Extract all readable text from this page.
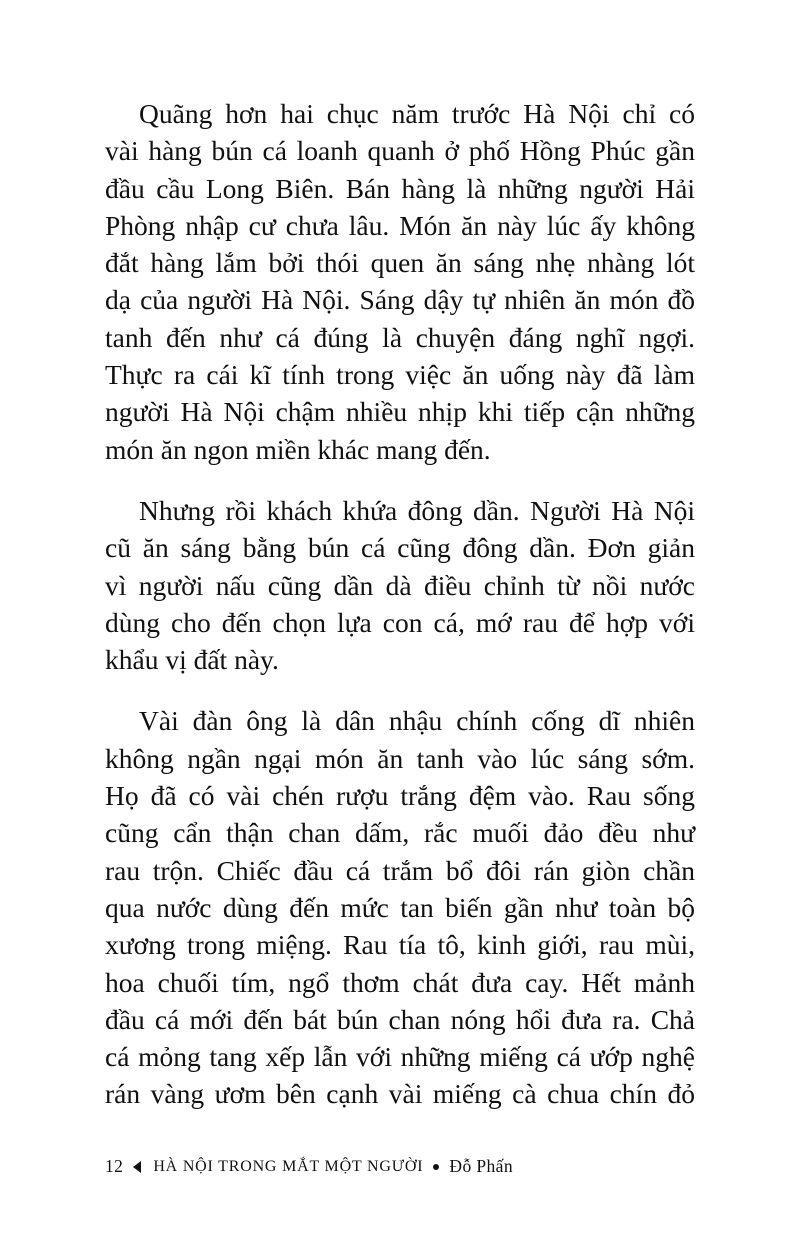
Quãng hơn hai chục năm trước Hà Nội chỉ có
vài hàng bún cá loanh quanh ở phố Hồng Phúc gần
đầu cầu Long Biên. Bán hàng là những người Hải
Phòng nhập cư chưa lâu. Món ăn này lúc ấy không
đắt hàng lắm bởi thói quen ăn sáng nhẹ nhàng lót
dạ của người Hà Nội. Sáng dậy tự nhiên ăn món đồ
tanh đến như cá đúng là chuyện đáng nghĩ ngợi.
Thực ra cái kĩ tính trong việc ăn uống này đã làm
người Hà Nội chậm nhiều nhịp khi tiếp cận những
món ăn ngon miền khác mang đến.

Nhưng rồi khách khứa đông dần. Người Hà Nội
cũ ăn sáng bằng bún cá cũng đông dần. Đơn giản
vì người nấu cũng dần dà điều chỉnh từ nồi nước
dùng cho đến chọn lựa con cá, mớ rau để hợp với
khẩu vị đất này.

Vài đàn ông là dân nhậu chính cống dĩ nhiên
không ngần ngại món ăn tanh vào lúc sáng sớm.
Họ đã có vài chén rượu trắng đệm vào. Rau sống
cũng cẩn thận chan dấm, rắc muối đảo đều như
rau trộn. Chiếc đầu cá trắm bổ đôi rán giòn chần
qua nước dùng đến mức tan biến gần như toàn bộ
xương trong miệng. Rau tía tô, kinh giới, rau mùi,
hoa chuối tím, ngổ thơm chát đưa cay. Hết mảnh
đầu cá mới đến bát bún chan nóng hổi đưa ra. Chả
cá mỏng tang xếp lẫn với những miếng cá ướp nghệ
rán vàng ươm bên cạnh vài miếng cà chua chín đỏ

12 HÀ NỘI TRONG MẮT MỘT NGƯỜI Đỗ Phấn
